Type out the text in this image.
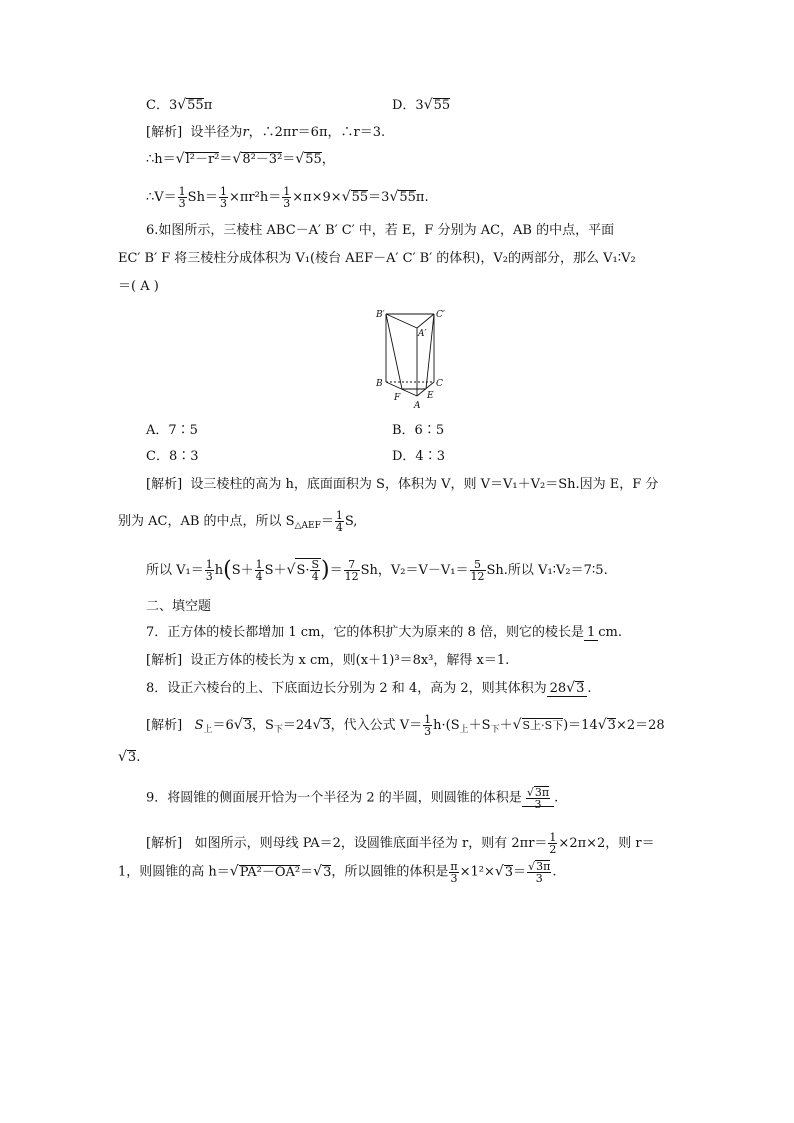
C．3√55π	D．3√55
[解析] 设半径为r，∴2πr＝6π，∴r＝3.
∴h＝√l²－r²＝√8²－3²＝√55，
∴V＝ $\frac{1}{3} Sh= \frac{1}{3} \times\pi r^2h= \frac{1}{3} \times\pi\times 9\times√55=3√55\pi$.
6.如图所示，三棱柱 ABC－A′ B′ C′ 中，若 E，F 分别为 AC，AB 的中点，平面
EC′ B′ F 将三棱柱分成体积为 V₁(棱台 AEF－A′ C′ B′ 的体积)，V₂的两部分，那么 V₁∶V₂
＝( A )
B′	C′
A′
B	C
F	E
A
A．7∶5	B．6∶5
C．8∶3	D．4∶3
[解析] 设三棱柱的高为 h，底面面积为 S，体积为 V，则 V＝V₁＋V₂＝Sh.因为 E，F 分
别为 AC，AB 的中点，所以 $S_{\triangle AEF}= \frac{1}{4} S$,
所以 $V_1= \frac{1}{3} h(S+ \frac{1}{4} S+√S\cdot \frac{S}{4}$ )＝ $\frac{7}{12}$ Sh，$V_2=V-V_1= \frac{5}{12} Sh$.所以 V₁∶V₂＝7∶5.
二、填空题
7．正方体的棱长都增加 1 cm，它的体积扩大为原来的 8 倍，则它的棱长是 1 cm.
[解析] 设正方体的棱长为 x cm，则(x＋1)³＝8x³，解得 x＝1.
8．设正六棱台的上、下底面边长分别为 2 和 4，高为 2，则其体积为 28√3 .
[解析] $S_上=6√3$，$S_下=24√3$，代入公式 $V= \frac{1}{3} h\cdot(S_上+S_下+√S$上·S下)＝14√3×2＝28
√3.
9．将圆锥的侧面展开恰为一个半径为 2 的半圆，则圆锥的体积是 $\frac{√3\pi}{3}$ .
[解析] 如图所示，则母线 PA＝2，设圆锥底面半径为 r，则有 $2\pi r= \frac{1}{2} \times 2\pi\times 2$，则 r＝
1，则圆锥的高 h＝√PA²－OA²＝√3，所以圆锥的体积是 $\frac{\pi}{3} \times 1^2\times√3= \frac{√3\pi}{3}$ .
